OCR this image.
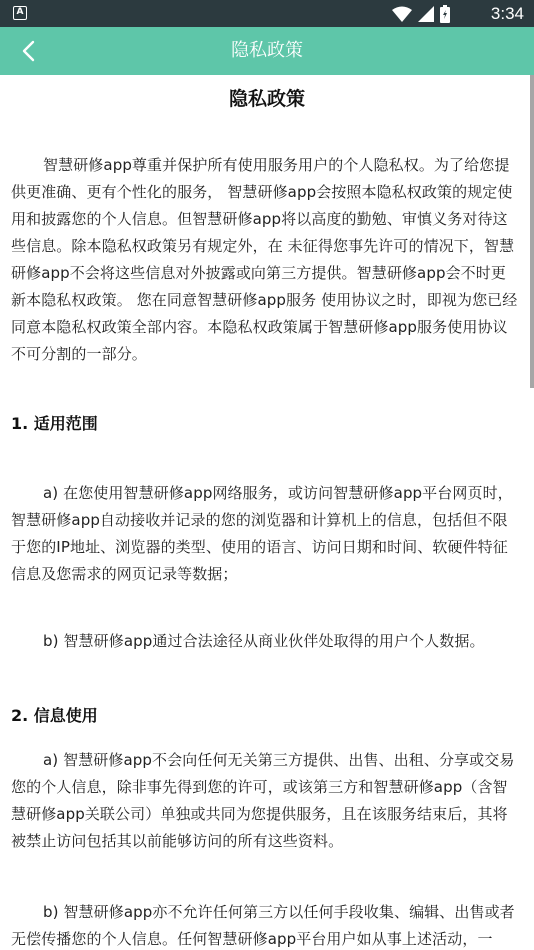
A	3:34
隐私政策
隐私政策

智慧研修app尊重并保护所有使用服务用户的个人隐私权。为了给您提供更准确、更有个性化的服务， 智慧研修app会按照本隐私权政策的规定使用和披露您的个人信息。但智慧研修app将以高度的勤勉、审慎义务对待这些信息。除本隐私权政策另有规定外，在 未征得您事先许可的情况下，智慧研修app不会将这些信息对外披露或向第三方提供。智慧研修app会不时更新本隐私权政策。 您在同意智慧研修app服务 使用协议之时，即视为您已经同意本隐私权政策全部内容。本隐私权政策属于智慧研修app服务使用协议不可分割的一部分。

1. 适用范围

a) 在您使用智慧研修app网络服务，或访问智慧研修app平台网页时，智慧研修app自动接收并记录的您的浏览器和计算机上的信息，包括但不限于您的IP地址、浏览器的类型、使用的语言、访问日期和时间、软硬件特征信息及您需求的网页记录等数据；

b) 智慧研修app通过合法途径从商业伙伴处取得的用户个人数据。

2. 信息使用

a) 智慧研修app不会向任何无关第三方提供、出售、出租、分享或交易您的个人信息，除非事先得到您的许可，或该第三方和智慧研修app（含智慧研修app关联公司）单独或共同为您提供服务，且在该服务结束后，其将被禁止访问包括其以前能够访问的所有这些资料。

b) 智慧研修app亦不允许任何第三方以任何手段收集、编辑、出售或者无偿传播您的个人信息。任何智慧研修app平台用户如从事上述活动，一
